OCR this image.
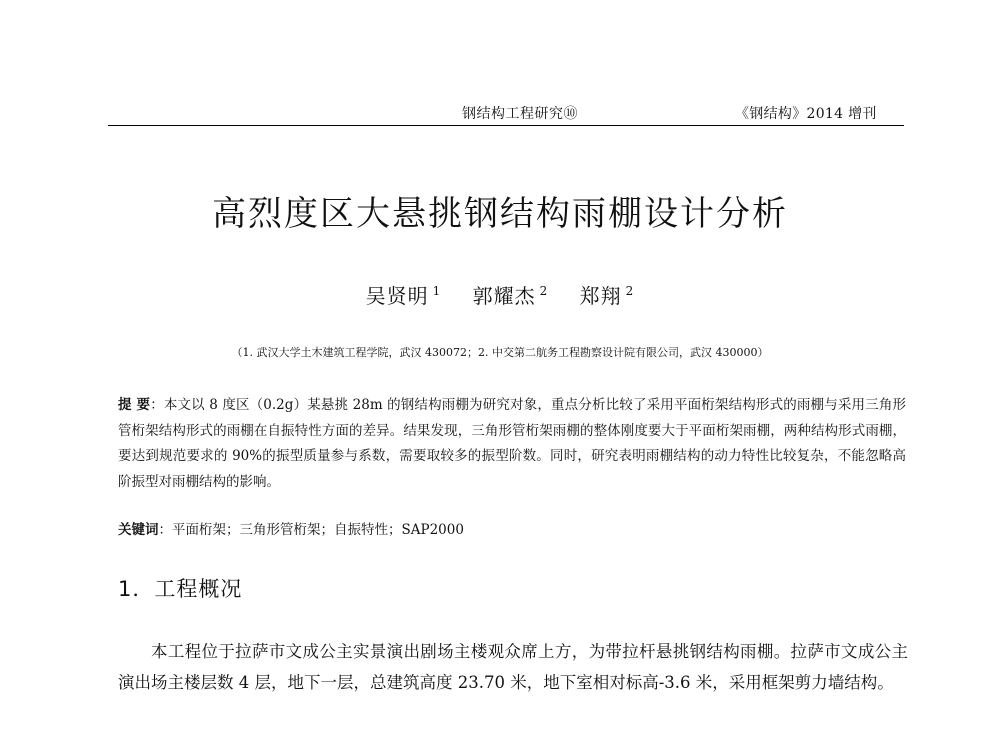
钢结构工程研究⑩	《钢结构》2014 增刊
高烈度区大悬挑钢结构雨棚设计分析
吴贤明 $^1$ 郭耀杰 $^2$ 郑翔 $^2$
（1. 武汉大学土木建筑工程学院，武汉 430072；2. 中交第二航务工程勘察设计院有限公司，武汉 430000）
提 要：本文以 8 度区（0.2g）某悬挑 28m 的钢结构雨棚为研究对象，重点分析比较了采用平面桁架结构形式的雨棚与采用三角形管桁架结构形式的雨棚在自振特性方面的差异。结果发现，三角形管桁架雨棚的整体刚度要大于平面桁架雨棚，两种结构形式雨棚，要达到规范要求的 90%的振型质量参与系数，需要取较多的振型阶数。同时，研究表明雨棚结构的动力特性比较复杂，不能忽略高阶振型对雨棚结构的影响。
关键词：平面桁架；三角形管桁架；自振特性；SAP2000
1．工程概况
本工程位于拉萨市文成公主实景演出剧场主楼观众席上方，为带拉杆悬挑钢结构雨棚。拉萨市文成公主演出场主楼层数 4 层，地下一层，总建筑高度 23.70 米，地下室相对标高-3.6 米，采用框架剪力墙结构。
